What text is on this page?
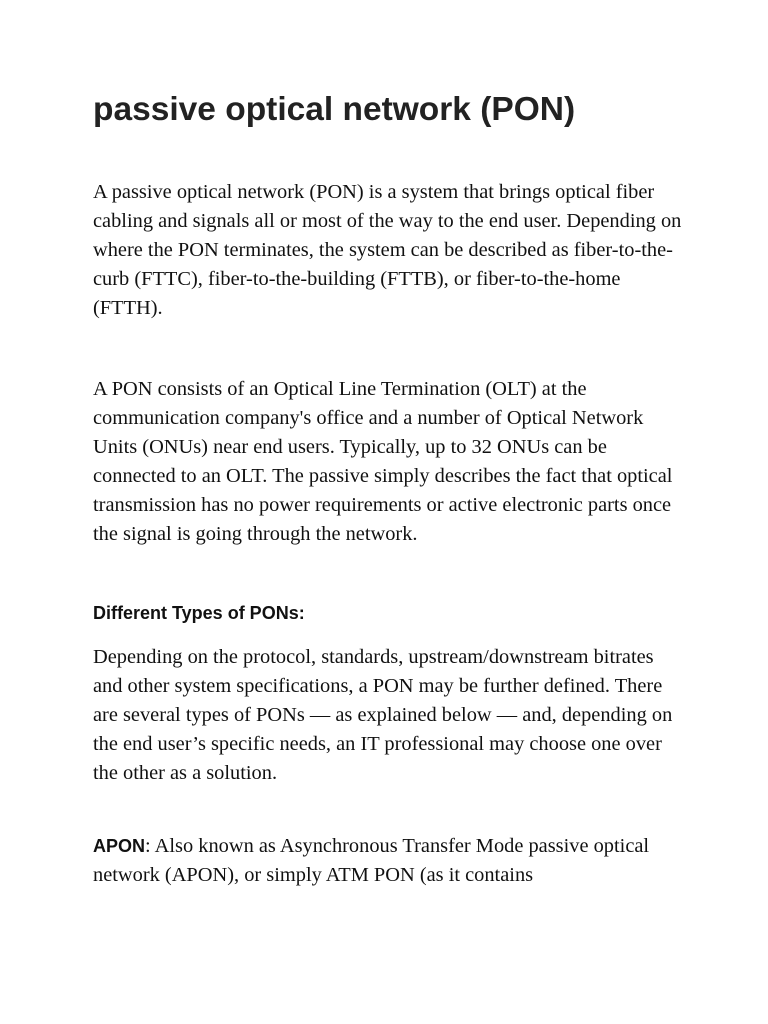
passive optical network (PON)

A passive optical network (PON) is a system that brings optical fiber cabling and signals all or most of the way to the end user. Depending on where the PON terminates, the system can be described as fiber-to-the-curb (FTTC), fiber-to-the-building (FTTB), or fiber-to-the-home (FTTH).

A PON consists of an Optical Line Termination (OLT) at the communication company's office and a number of Optical Network Units (ONUs) near end users. Typically, up to 32 ONUs can be connected to an OLT. The passive simply describes the fact that optical transmission has no power requirements or active electronic parts once the signal is going through the network.

Different Types of PONs:

Depending on the protocol, standards, upstream/downstream bitrates and other system specifications, a PON may be further defined. There are several types of PONs — as explained below — and, depending on the end user’s specific needs, an IT professional may choose one over the other as a solution.

APON: Also known as Asynchronous Transfer Mode passive optical network (APON), or simply ATM PON (as it contains
